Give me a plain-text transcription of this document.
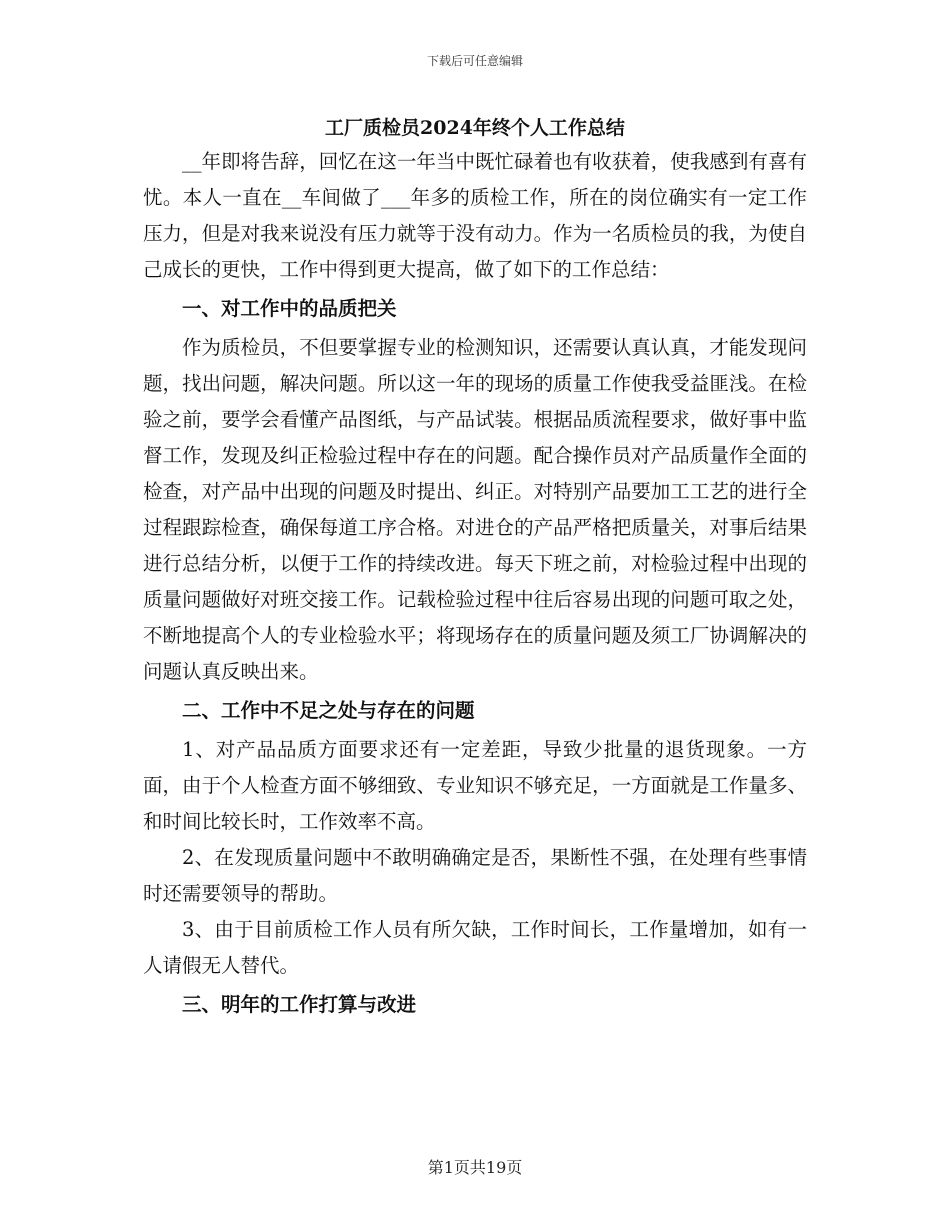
下载后可任意编辑

工厂质检员2024年终个人工作总结

__年即将告辞，回忆在这一年当中既忙碌着也有收获着，使我感到有喜有忧。本人一直在__车间做了___年多的质检工作，所在的岗位确实有一定工作压力，但是对我来说没有压力就等于没有动力。作为一名质检员的我，为使自己成长的更快，工作中得到更大提高，做了如下的工作总结：

一、对工作中的品质把关

作为质检员，不但要掌握专业的检测知识，还需要认真认真，才能发现问题，找出问题，解决问题。所以这一年的现场的质量工作使我受益匪浅。在检验之前，要学会看懂产品图纸，与产品试装。根据品质流程要求，做好事中监督工作，发现及纠正检验过程中存在的问题。配合操作员对产品质量作全面的检查，对产品中出现的问题及时提出、纠正。对特别产品要加工工艺的进行全过程跟踪检查，确保每道工序合格。对进仓的产品严格把质量关，对事后结果进行总结分析，以便于工作的持续改进。每天下班之前，对检验过程中出现的质量问题做好对班交接工作。记载检验过程中往后容易出现的问题可取之处，不断地提高个人的专业检验水平；将现场存在的质量问题及须工厂协调解决的问题认真反映出来。

二、工作中不足之处与存在的问题

1、对产品品质方面要求还有一定差距，导致少批量的退货现象。一方面，由于个人检查方面不够细致、专业知识不够充足，一方面就是工作量多、和时间比较长时，工作效率不高。

2、在发现质量问题中不敢明确确定是否，果断性不强，在处理有些事情时还需要领导的帮助。

3、由于目前质检工作人员有所欠缺，工作时间长，工作量增加，如有一人请假无人替代。

三、明年的工作打算与改进

第1页共19页
